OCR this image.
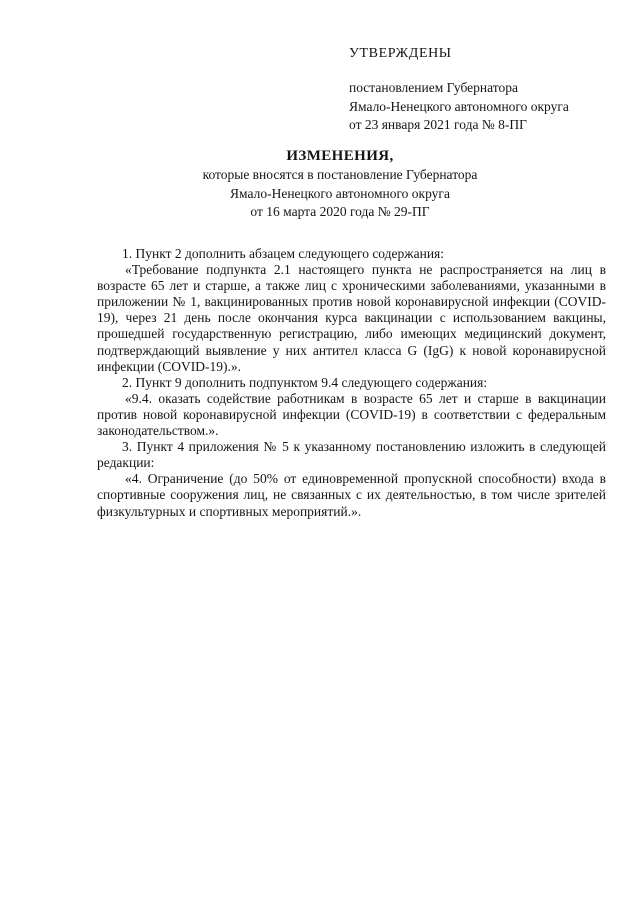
УТВЕРЖДЕНЫ
постановлением Губернатора
Ямало-Ненецкого автономного округа
от 23 января 2021 года № 8-ПГ
ИЗМЕНЕНИЯ,
которые вносятся в постановление Губернатора
Ямало-Ненецкого автономного округа
от 16 марта 2020 года № 29-ПГ

1. Пункт 2 дополнить абзацем следующего содержания:

«Требование подпункта 2.1 настоящего пункта не распространяется на лиц в возрасте 65 лет и старше, а также лиц с хроническими заболеваниями, указанными в приложении № 1, вакцинированных против новой коронавирусной инфекции (COVID-19), через 21 день после окончания курса вакцинации с использованием вакцины, прошедшей государственную регистрацию, либо имеющих медицинский документ, подтверждающий выявление у них антител класса G (IgG) к новой коронавирусной инфекции (COVID-19).».

2. Пункт 9 дополнить подпунктом 9.4 следующего содержания:

«9.4. оказать содействие работникам в возрасте 65 лет и старше в вакцинации против новой коронавирусной инфекции (COVID-19) в соответствии с федеральным законодательством.».

3. Пункт 4 приложения № 5 к указанному постановлению изложить в следующей редакции:

«4. Ограничение (до 50% от единовременной пропускной способности) входа в спортивные сооружения лиц, не связанных с их деятельностью, в том числе зрителей физкультурных и спортивных мероприятий.».
